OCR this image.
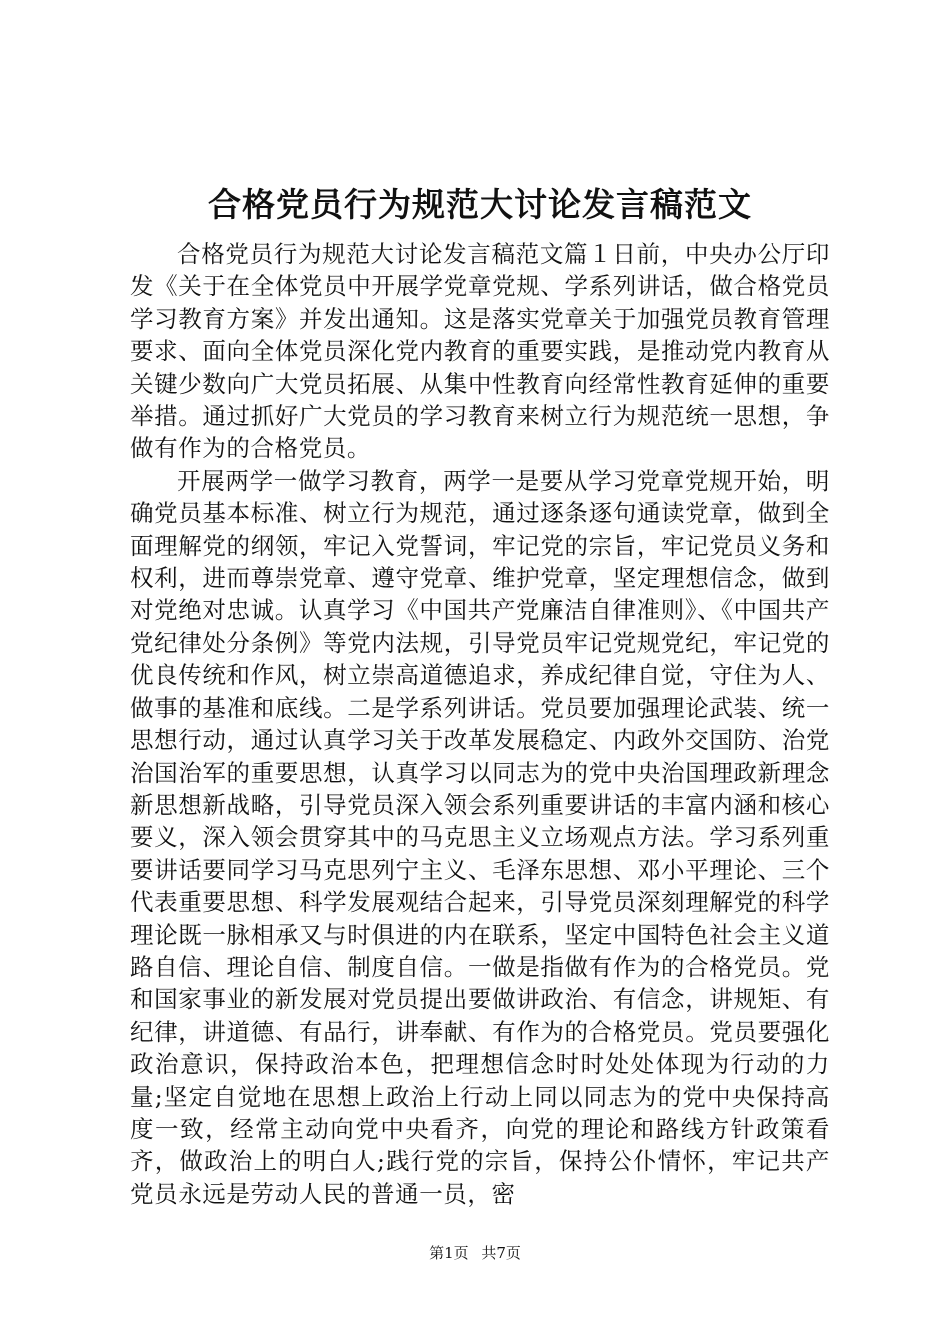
合格党员行为规范大讨论发言稿范文

合格党员行为规范大讨论发言稿范文篇１日前，中央办公厅印发《关于在全体党员中开展学党章党规、学系列讲话，做合格党员学习教育方案》并发出通知。这是落实党章关于加强党员教育管理要求、面向全体党员深化党内教育的重要实践，是推动党内教育从关键少数向广大党员拓展、从集中性教育向经常性教育延伸的重要举措。通过抓好广大党员的学习教育来树立行为规范统一思想，争做有作为的合格党员。

开展两学一做学习教育，两学一是要从学习党章党规开始，明确党员基本标准、树立行为规范，通过逐条逐句通读党章，做到全面理解党的纲领，牢记入党誓词，牢记党的宗旨，牢记党员义务和权利，进而尊崇党章、遵守党章、维护党章，坚定理想信念，做到对党绝对忠诚。认真学习《中国共产党廉洁自律准则》、《中国共产党纪律处分条例》等党内法规，引导党员牢记党规党纪，牢记党的优良传统和作风，树立崇高道德追求，养成纪律自觉，守住为人、做事的基准和底线。二是学系列讲话。党员要加强理论武装、统一思想行动，通过认真学习关于改革发展稳定、内政外交国防、治党治国治军的重要思想，认真学习以同志为的党中央治国理政新理念新思想新战略，引导党员深入领会系列重要讲话的丰富内涵和核心要义，深入领会贯穿其中的马克思主义立场观点方法。学习系列重要讲话要同学习马克思列宁主义、毛泽东思想、邓小平理论、三个代表重要思想、科学发展观结合起来，引导党员深刻理解党的科学理论既一脉相承又与时俱进的内在联系，坚定中国特色社会主义道路自信、理论自信、制度自信。一做是指做有作为的合格党员。党和国家事业的新发展对党员提出要做讲政治、有信念，讲规矩、有纪律，讲道德、有品行，讲奉献、有作为的合格党员。党员要强化政治意识，保持政治本色，把理想信念时时处处体现为行动的力量;坚定自觉地在思想上政治上行动上同以同志为的党中央保持高度一致，经常主动向党中央看齐，向党的理论和路线方针政策看齐，做政治上的明白人;践行党的宗旨，保持公仆情怀，牢记共产党员永远是劳动人民的普通一员，密

第1页 共7页
